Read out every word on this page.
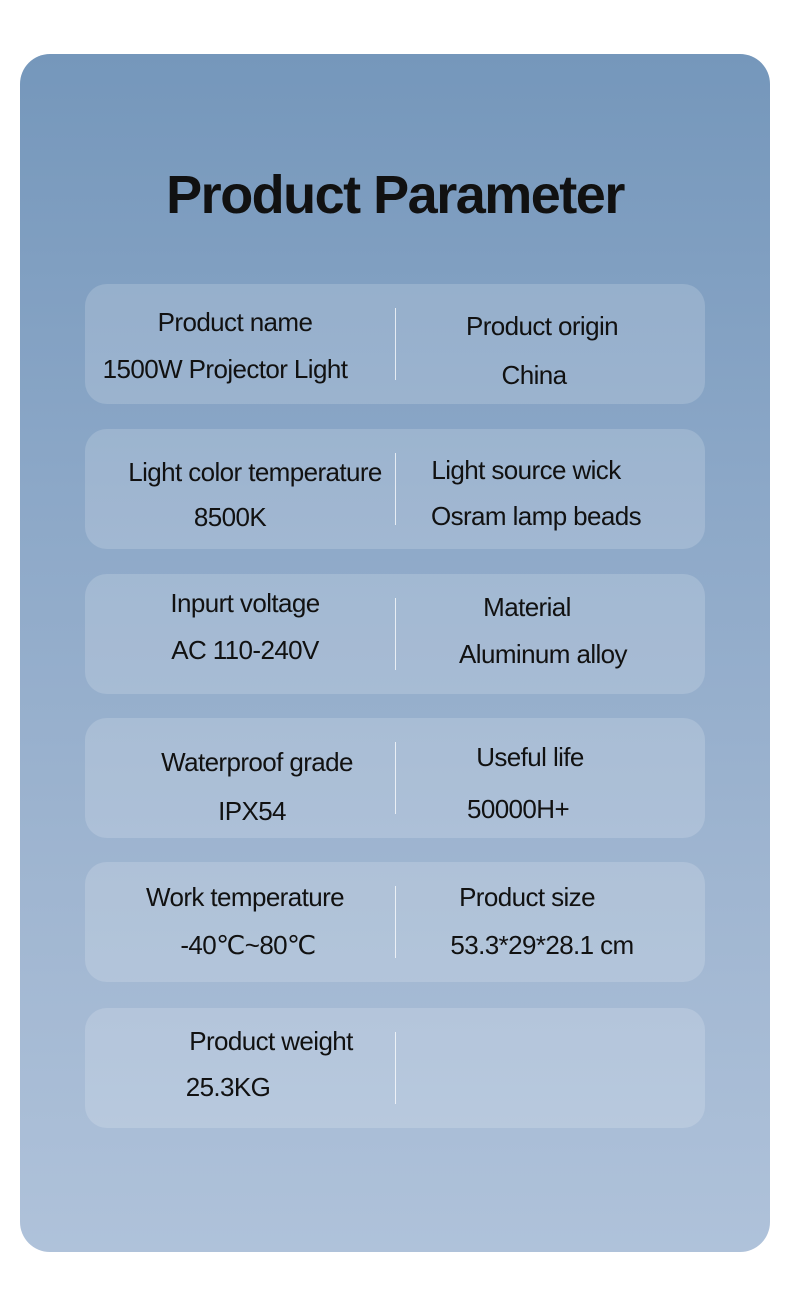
Product Parameter
Product name
1500W Projector Light
Product origin
China
Light color temperature
8500K
Light source wick
Osram lamp beads
Inpurt voltage
AC 110-240V
Material
Aluminum alloy
Waterproof grade
IPX54
Useful life
50000H+
Work temperature
-40℃~80℃
Product size
53.3*29*28.1 cm
Product weight
25.3KG
